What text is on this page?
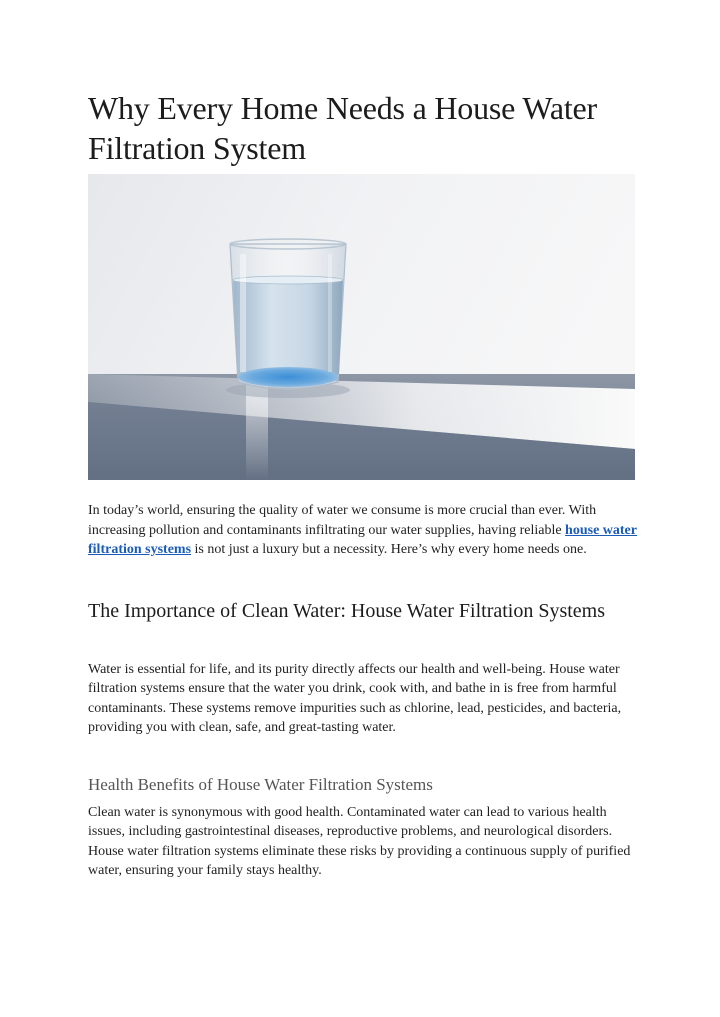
Why Every Home Needs a House Water Filtration System

In today’s world, ensuring the quality of water we consume is more crucial than ever. With increasing pollution and contaminants infiltrating our water supplies, having reliable house water filtration systems is not just a luxury but a necessity. Here’s why every home needs one.

The Importance of Clean Water: House Water Filtration Systems

Water is essential for life, and its purity directly affects our health and well-being. House water filtration systems ensure that the water you drink, cook with, and bathe in is free from harmful contaminants. These systems remove impurities such as chlorine, lead, pesticides, and bacteria, providing you with clean, safe, and great-tasting water.

Health Benefits of House Water Filtration Systems

Clean water is synonymous with good health. Contaminated water can lead to various health issues, including gastrointestinal diseases, reproductive problems, and neurological disorders. House water filtration systems eliminate these risks by providing a continuous supply of purified water, ensuring your family stays healthy.
